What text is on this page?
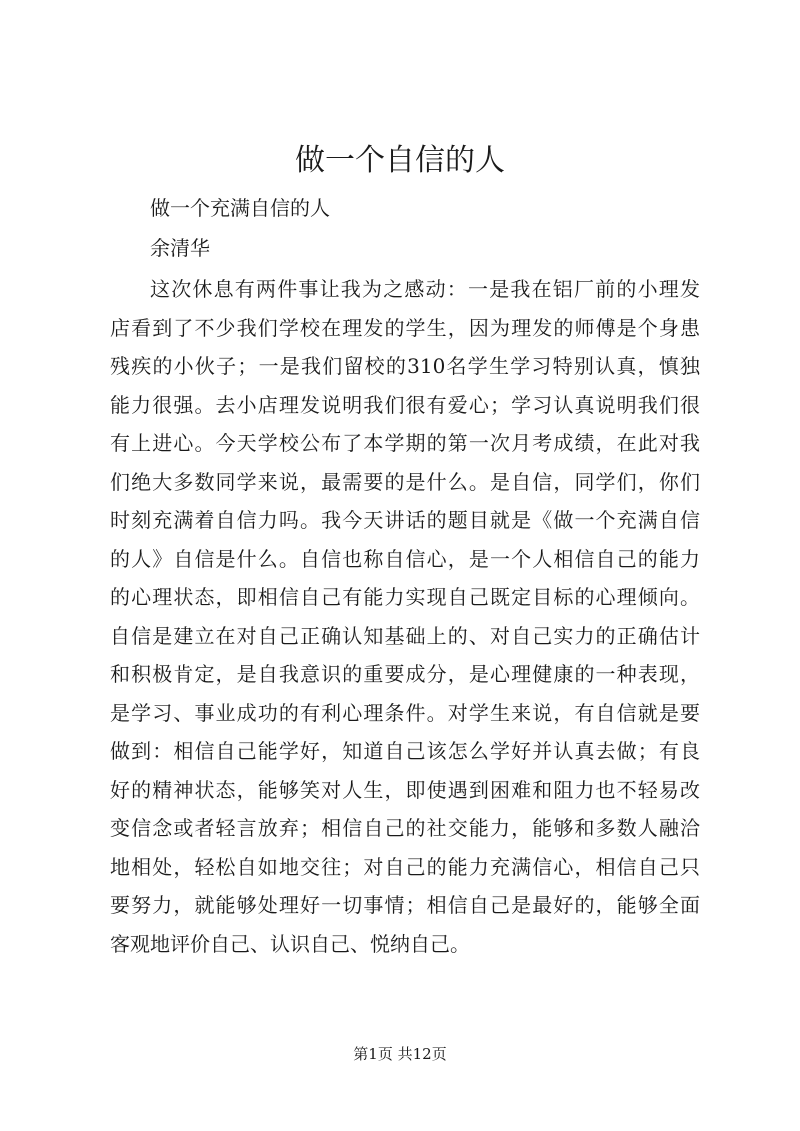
做一个自信的人
做一个充满自信的人
余清华
这次休息有两件事让我为之感动：一是我在铝厂前的小理发
店看到了不少我们学校在理发的学生，因为理发的师傅是个身患
残疾的小伙子；一是我们留校的310名学生学习特别认真，慎独
能力很强。去小店理发说明我们很有爱心；学习认真说明我们很
有上进心。今天学校公布了本学期的第一次月考成绩，在此对我
们绝大多数同学来说，最需要的是什么。是自信，同学们，你们
时刻充满着自信力吗。我今天讲话的题目就是《做一个充满自信
的人》自信是什么。自信也称自信心，是一个人相信自己的能力
的心理状态，即相信自己有能力实现自己既定目标的心理倾向。
自信是建立在对自己正确认知基础上的、对自己实力的正确估计
和积极肯定，是自我意识的重要成分，是心理健康的一种表现，
是学习、事业成功的有利心理条件。对学生来说，有自信就是要
做到：相信自己能学好，知道自己该怎么学好并认真去做；有良
好的精神状态，能够笑对人生，即使遇到困难和阻力也不轻易改
变信念或者轻言放弃；相信自己的社交能力，能够和多数人融洽
地相处，轻松自如地交往；对自己的能力充满信心，相信自己只
要努力，就能够处理好一切事情；相信自己是最好的，能够全面
客观地评价自己、认识自己、悦纳自己。
第1页 共12页
